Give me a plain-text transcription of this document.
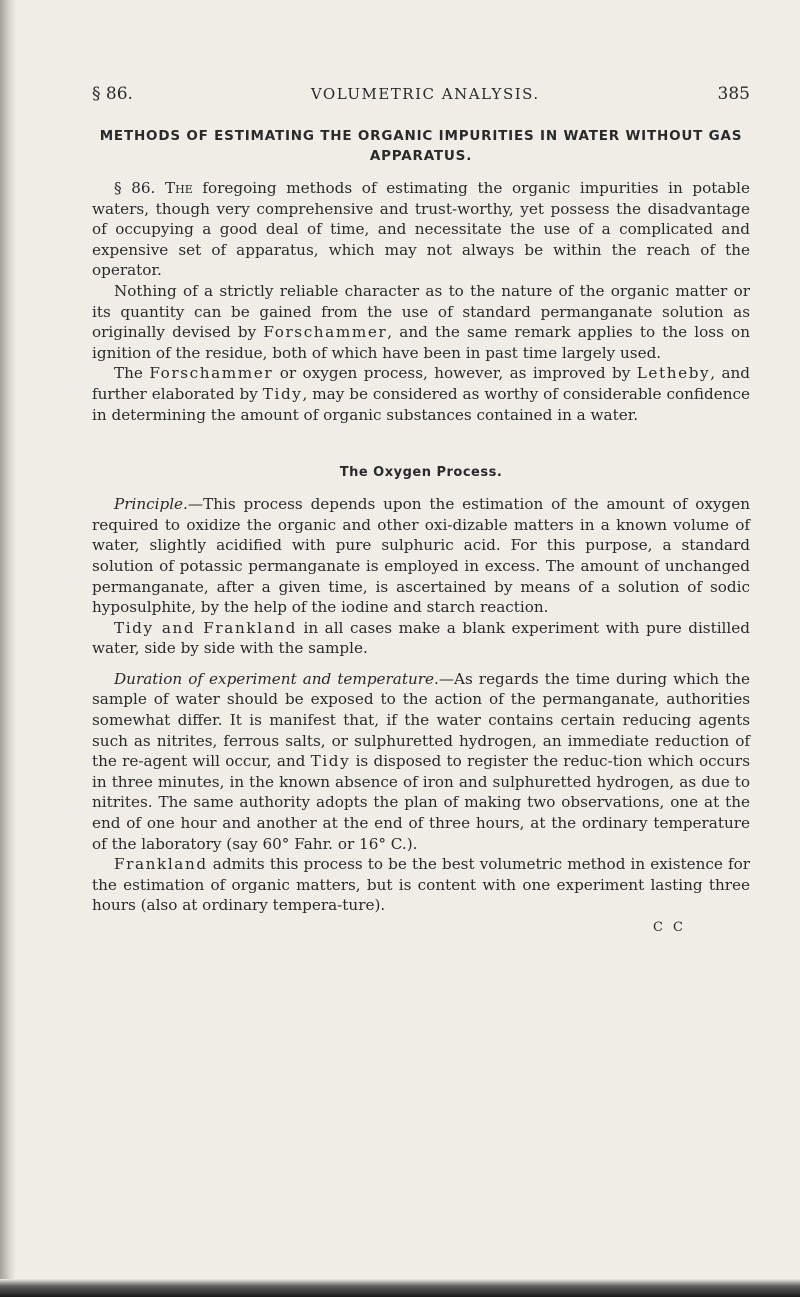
§ 86.	VOLUMETRIC ANALYSIS.	385
METHODS OF ESTIMATING THE ORGANIC IMPURITIES IN WATER WITHOUT GAS APPARATUS.

§ 86. The foregoing methods of estimating the organic impurities in potable waters, though very comprehensive and trust-worthy, yet possess the disadvantage of occupying a good deal of time, and necessitate the use of a complicated and expensive set of apparatus, which may not always be within the reach of the operator.

Nothing of a strictly reliable character as to the nature of the organic matter or its quantity can be gained from the use of standard permanganate solution as originally devised by Forschammer, and the same remark applies to the loss on ignition of the residue, both of which have been in past time largely used.

The Forschammer or oxygen process, however, as improved by Letheby, and further elaborated by Tidy, may be considered as worthy of considerable confidence in determining the amount of organic substances contained in a water.

The Oxygen Process.

Principle.—This process depends upon the estimation of the amount of oxygen required to oxidize the organic and other oxi-dizable matters in a known volume of water, slightly acidified with pure sulphuric acid. For this purpose, a standard solution of potassic permanganate is employed in excess. The amount of unchanged permanganate, after a given time, is ascertained by means of a solution of sodic hyposulphite, by the help of the iodine and starch reaction.

Tidy and Frankland in all cases make a blank experiment with pure distilled water, side by side with the sample.

Duration of experiment and temperature.—As regards the time during which the sample of water should be exposed to the action of the permanganate, authorities somewhat differ. It is manifest that, if the water contains certain reducing agents such as nitrites, ferrous salts, or sulphuretted hydrogen, an immediate reduction of the re-agent will occur, and Tidy is disposed to register the reduc-tion which occurs in three minutes, in the known absence of iron and sulphuretted hydrogen, as due to nitrites. The same authority adopts the plan of making two observations, one at the end of one hour and another at the end of three hours, at the ordinary temperature of the laboratory (say 60° Fahr. or 16° C.).

Frankland admits this process to be the best volumetric method in existence for the estimation of organic matters, but is content with one experiment lasting three hours (also at ordinary tempera-ture).

C C
